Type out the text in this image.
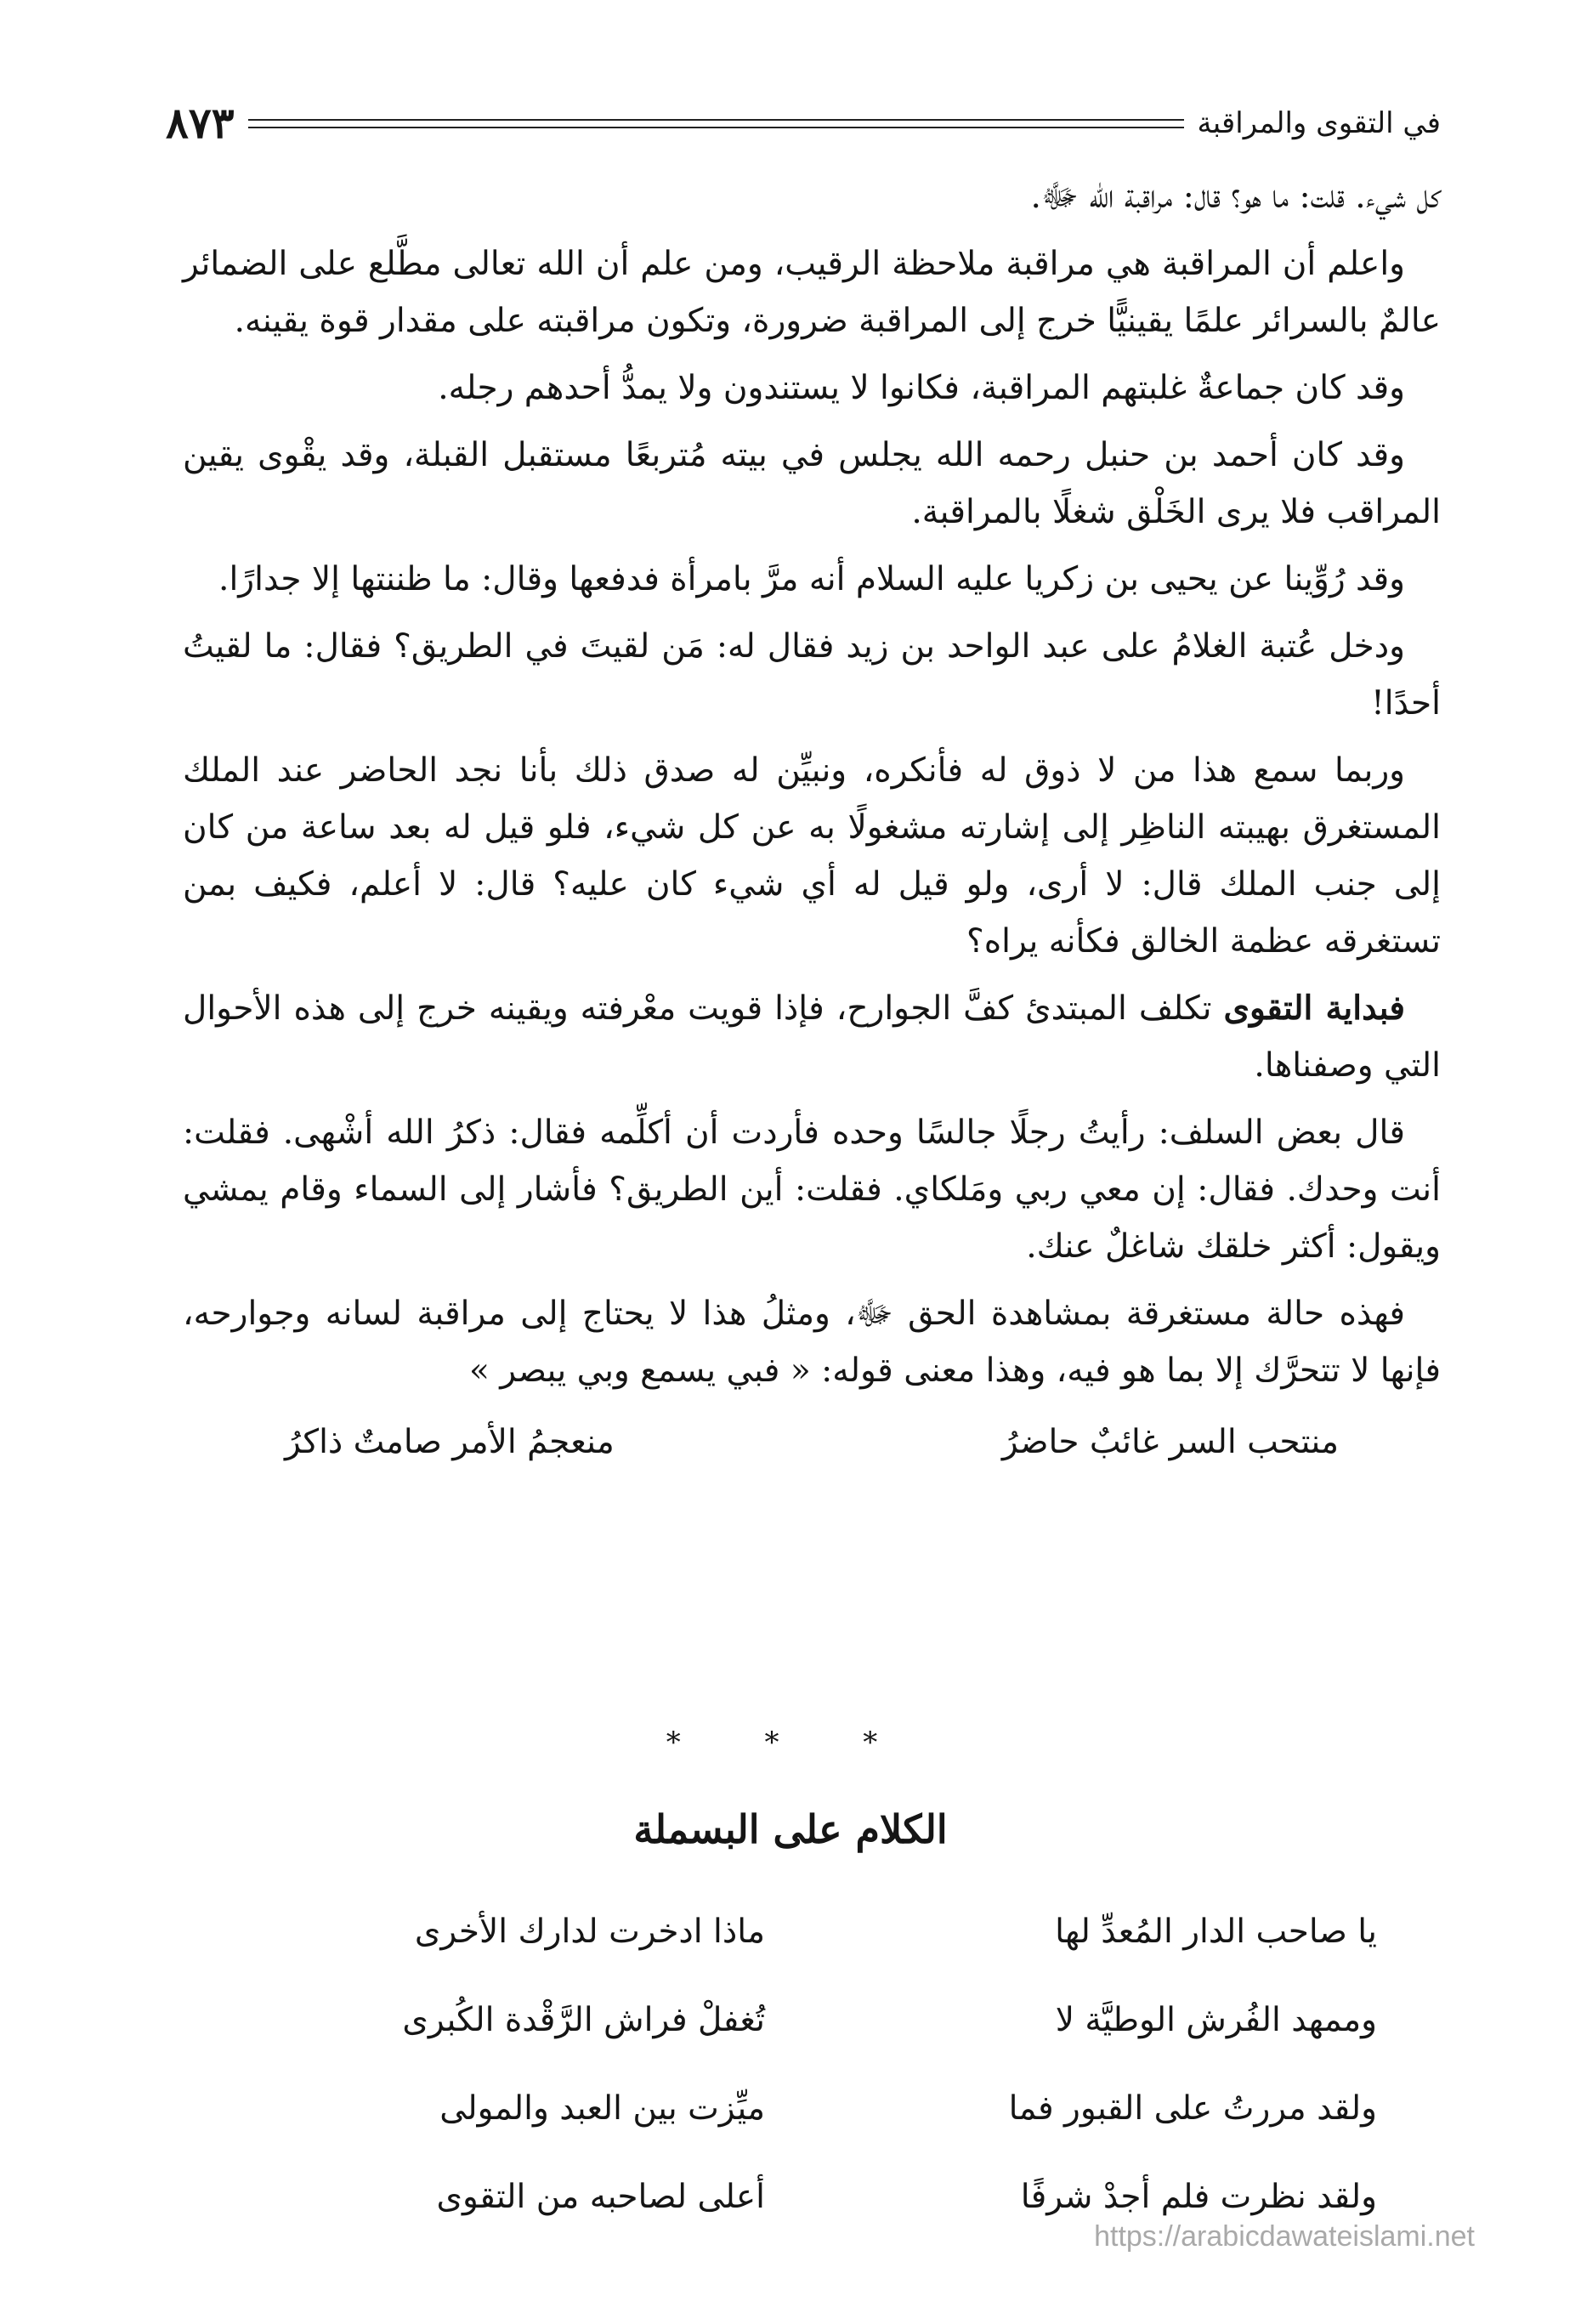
٨٧٣	في التقوى والمراقبة

كل شيء. قلت: ما هو؟ قال: مراقبة الله ﷻ.

واعلم أن المراقبة هي مراقبة ملاحظة الرقيب، ومن علم أن الله تعالى مطَّلع على الضمائر عالمٌ بالسرائر علمًا يقينيًّا خرج إلى المراقبة ضرورة، وتكون مراقبته على مقدار قوة يقينه.

وقد كان جماعةٌ غلبتهم المراقبة، فكانوا لا يستندون ولا يمدُّ أحدهم رجله.

وقد كان أحمد بن حنبل رحمه الله يجلس في بيته مُتربعًا مستقبل القبلة، وقد يقْوى يقين المراقب فلا يرى الخَلْق شغلًا بالمراقبة.

وقد رُوِّينا عن يحيى بن زكريا عليه السلام أنه مرَّ بامرأة فدفعها وقال: ما ظننتها إلا جدارًا.

ودخل عُتبة الغلامُ على عبد الواحد بن زيد فقال له: مَن لقيتَ في الطريق؟ فقال: ما لقيتُ أحدًا!

وربما سمع هذا من لا ذوق له فأنكره، ونبيِّن له صدق ذلك بأنا نجد الحاضر عند الملك المستغرق بهيبته الناظِر إلى إشارته مشغولًا به عن كل شيء، فلو قيل له بعد ساعة من كان إلى جنب الملك قال: لا أرى، ولو قيل له أي شيء كان عليه؟ قال: لا أعلم، فكيف بمن تستغرقه عظمة الخالق فكأنه يراه؟

فبداية التقوى تكلف المبتدئ كفَّ الجوارح، فإذا قويت معْرفته ويقينه خرج إلى هذه الأحوال التي وصفناها.

قال بعض السلف: رأيتُ رجلًا جالسًا وحده فأردت أن أكلِّمه فقال: ذكرُ الله أشْهى. فقلت: أنت وحدك. فقال: إن معي ربي ومَلكاي. فقلت: أين الطريق؟ فأشار إلى السماء وقام يمشي ويقول: أكثر خلقك شاغلٌ عنك.

فهذه حالة مستغرقة بمشاهدة الحق ﷻ، ومثلُ هذا لا يحتاج إلى مراقبة لسانه وجوارحه، فإنها لا تتحرَّك إلا بما هو فيه، وهذا معنى قوله: « فبي يسمع وبي يبصر »

منتحب السر غائبٌ حاضرُ
منعجمُ الأمر صامتٌ ذاكرُ
* * *
الكلام على البسملة
يا صاحب الدار المُعدِّ لها
ماذا ادخرت لدارك الأخرى
وممهد الفُرش الوطيَّة لا
تُغفلْ فراش الرَّقْدة الكُبرى
ولقد مررتُ على القبور فما
ميِّزت بين العبد والمولى
ولقد نظرت فلم أجدْ شرفًا
أعلى لصاحبه من التقوى
https://arabicdawateislami.net
